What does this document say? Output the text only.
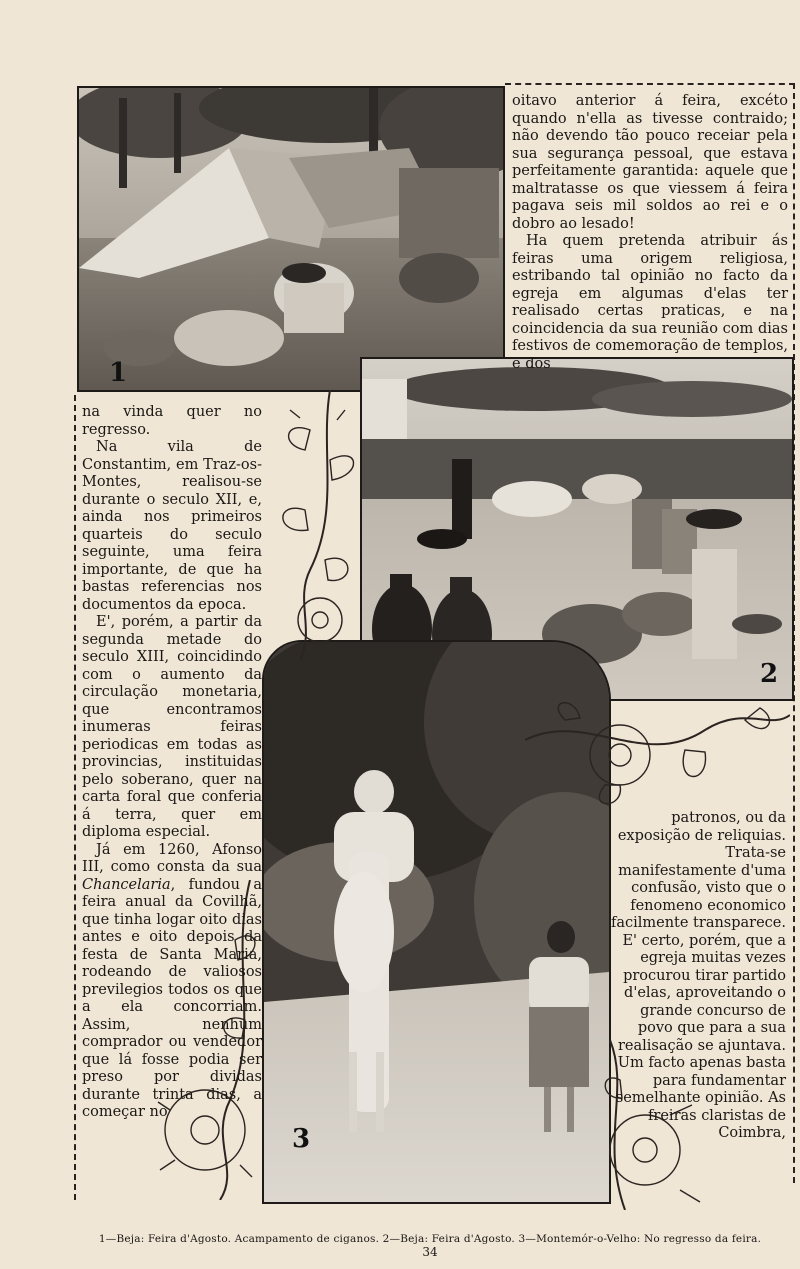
1
2
3

oitavo anterior á feira, excéto quando n'ella as tivesse contraido; não devendo tão pouco receiar pela sua segurança pessoal, que estava perfeitamente garantida: aquele que maltratasse os que viessem á feira pagava seis mil soldos ao rei e o dobro ao lesado!

Ha quem pretenda atribuir ás feiras uma origem religiosa, estribando tal opinião no facto da egreja em algumas d'elas ter realisado certas praticas, e na coincidencia da sua reunião com dias festivos de comemoração de templos, e dos

na vinda quer no regresso.

Na vila de Constantim, em Traz-os-Montes, realisou-se durante o seculo XII, e, ainda nos primeiros quarteis do seculo seguinte, uma feira importante, de que ha bastas referencias nos documentos da epoca.

E', porém, a partir da segunda metade do seculo XIII, coincidindo com o aumento da circulação monetaria, que encontramos inumeras feiras periodicas em todas as provincias, instituidas pelo soberano, quer na carta foral que conferia á terra, quer em diploma especial.

Já em 1260, Afonso III, como consta da sua Chancelaria, fundou a feira anual da Covilhã, que tinha logar oito dias antes e oito depois da festa de Santa Maria, rodeando de valiosos previlegios todos os que a ela concorriam. Assim, nenhum comprador ou vendedor que lá fosse podia ser preso por dividas durante trinta dias, a começar no

patronos, ou da exposição de reliquias. Trata-se manifestamente d'uma confusão, visto que o fenomeno economico facilmente transparece. E' certo, porém, que a egreja muitas vezes procurou tirar partido d'elas, aproveitando o grande concurso de povo que para a sua realisação se ajuntava. Um facto apenas basta para fundamentar semelhante opinião. As freiras claristas de Coimbra,

1—Beja: Feira d'Agosto. Acampamento de ciganos. 2—Beja: Feira d'Agosto. 3—Montemór-o-Velho: No regresso da feira.
34
